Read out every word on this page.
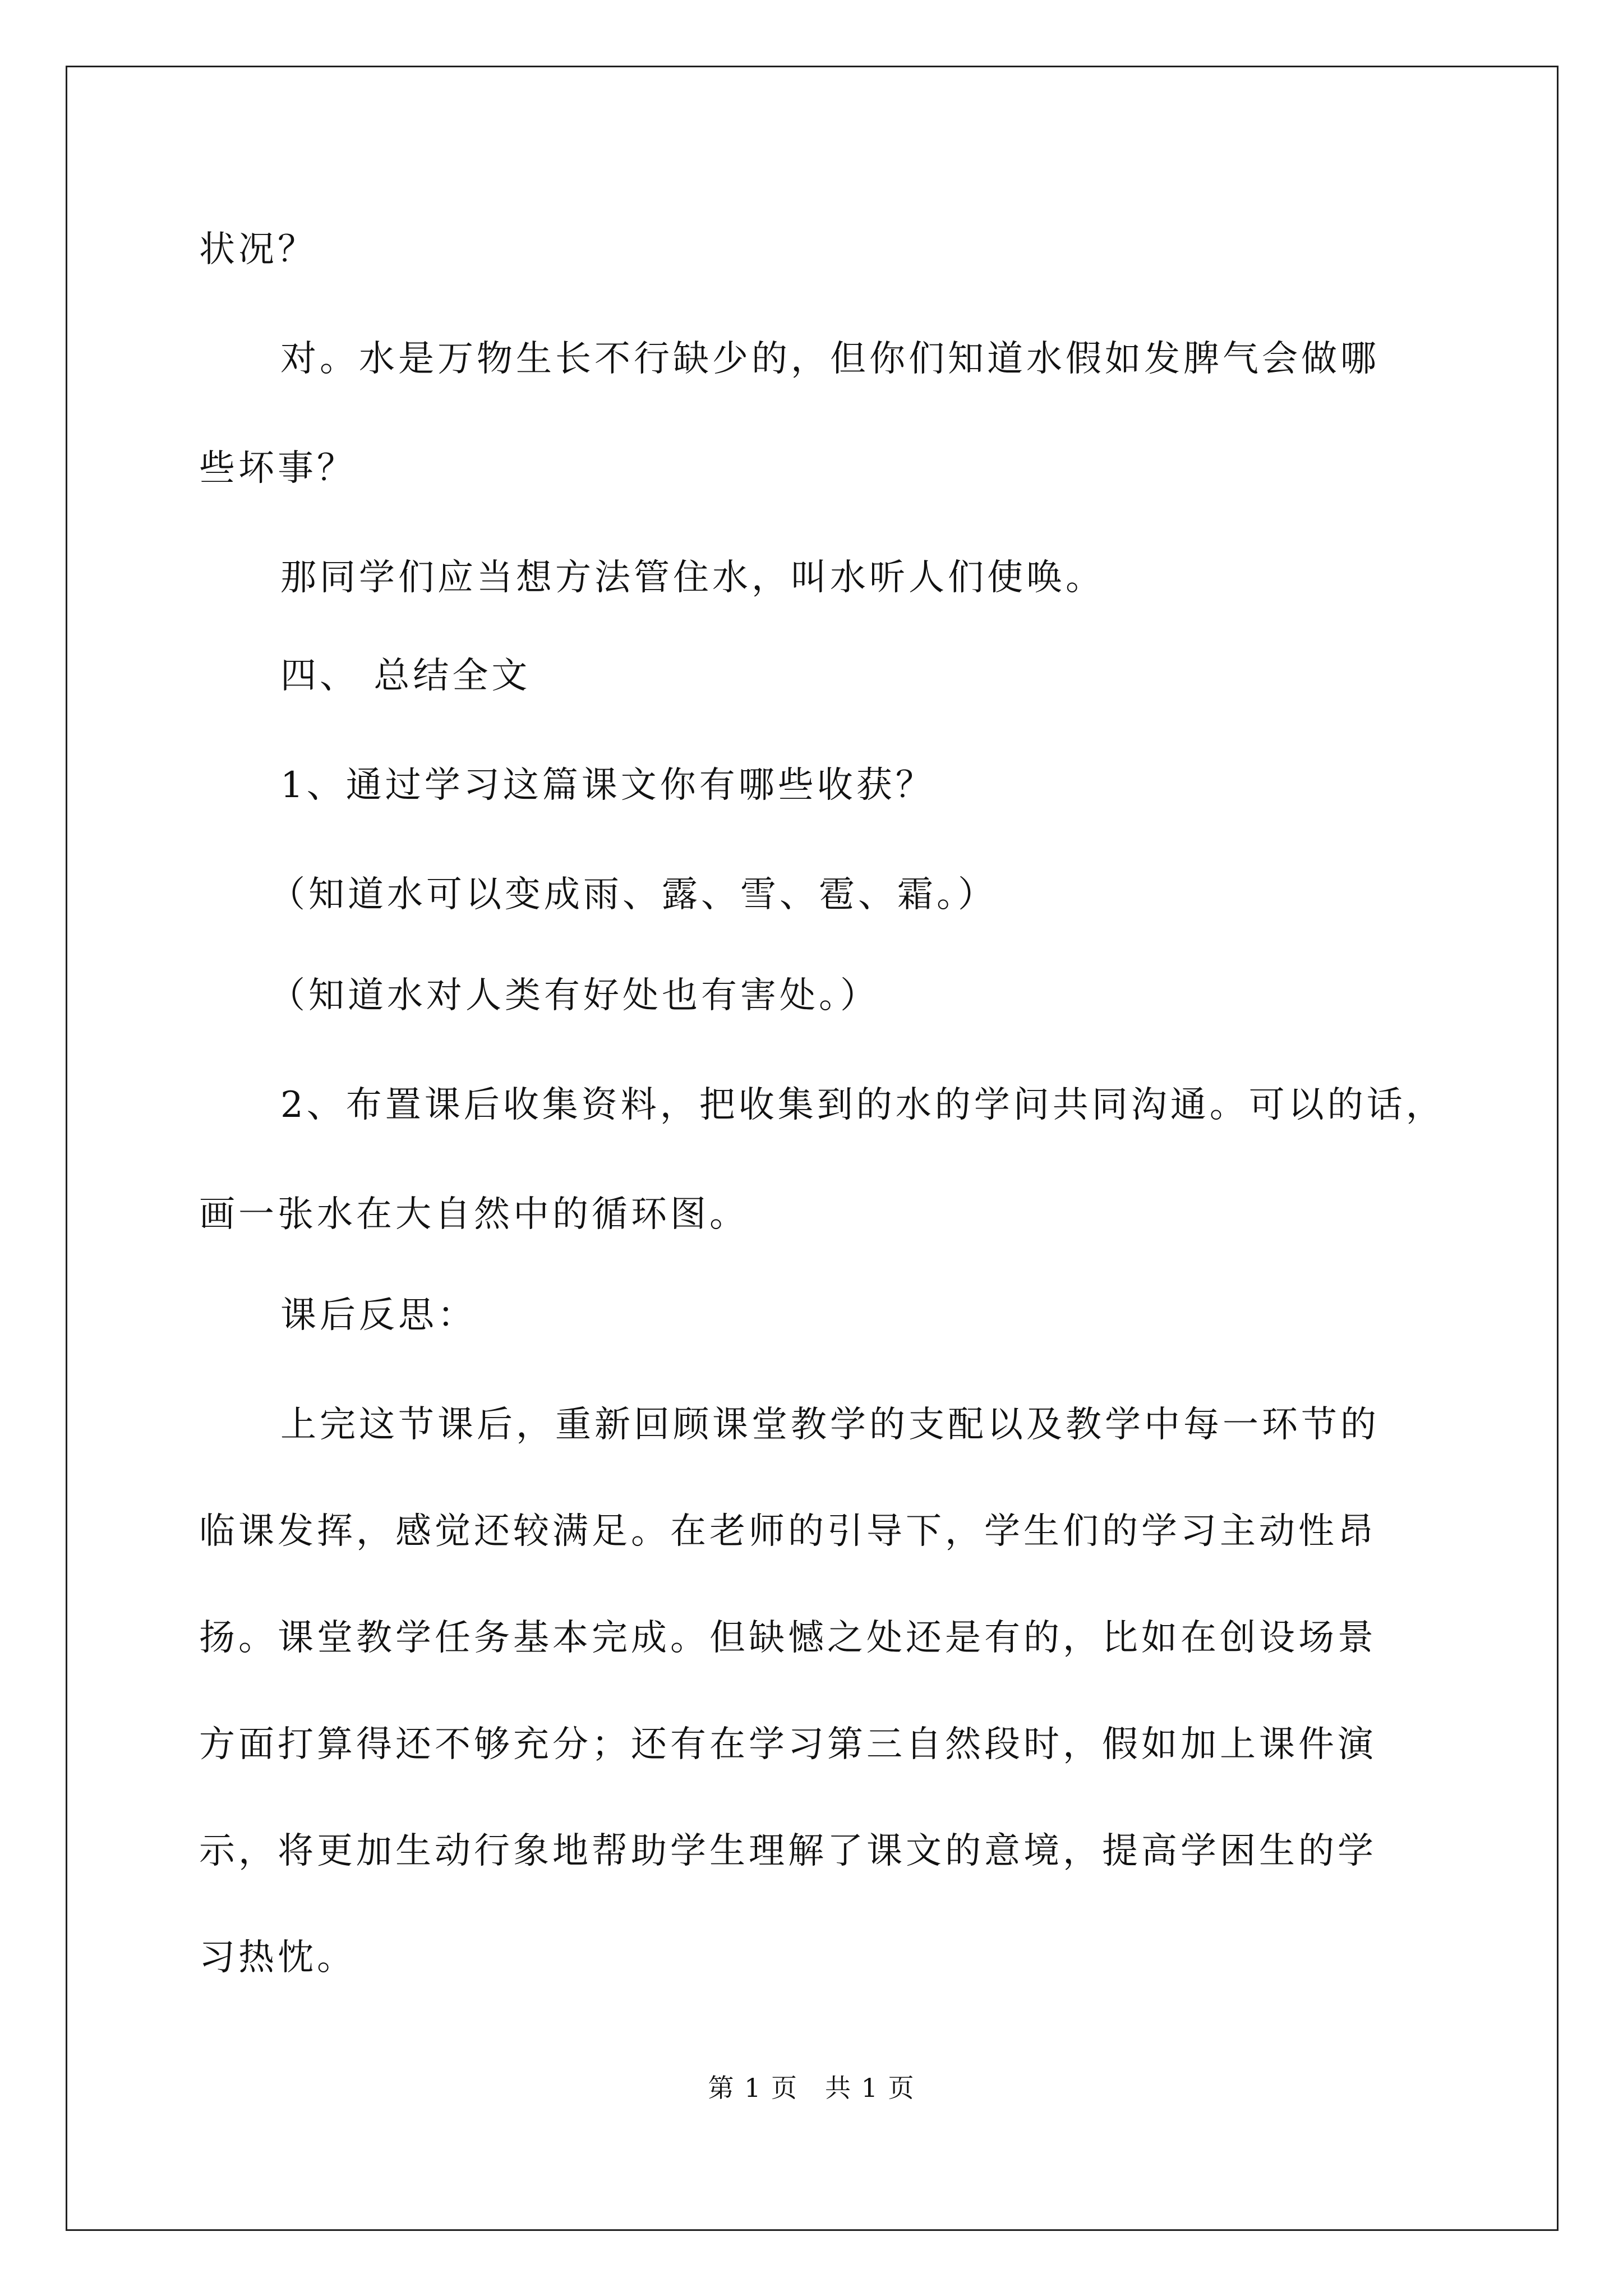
状况？
对。水是万物生长不行缺少的，但你们知道水假如发脾气会做哪
些坏事？
那同学们应当想方法管住水，叫水听人们使唤。
四、 总结全文
1、通过学习这篇课文你有哪些收获？
（知道水可以变成雨、露、雪、雹、霜。）
（知道水对人类有好处也有害处。）
2、布置课后收集资料，把收集到的水的学问共同沟通。可以的话，
画一张水在大自然中的循环图。
课后反思：
上完这节课后，重新回顾课堂教学的支配以及教学中每一环节的
临课发挥，感觉还较满足。在老师的引导下，学生们的学习主动性昂
扬。课堂教学任务基本完成。但缺憾之处还是有的，比如在创设场景
方面打算得还不够充分；还有在学习第三自然段时，假如加上课件演
示，将更加生动行象地帮助学生理解了课文的意境，提高学困生的学
习热忱。
第 1 页　共 1 页
